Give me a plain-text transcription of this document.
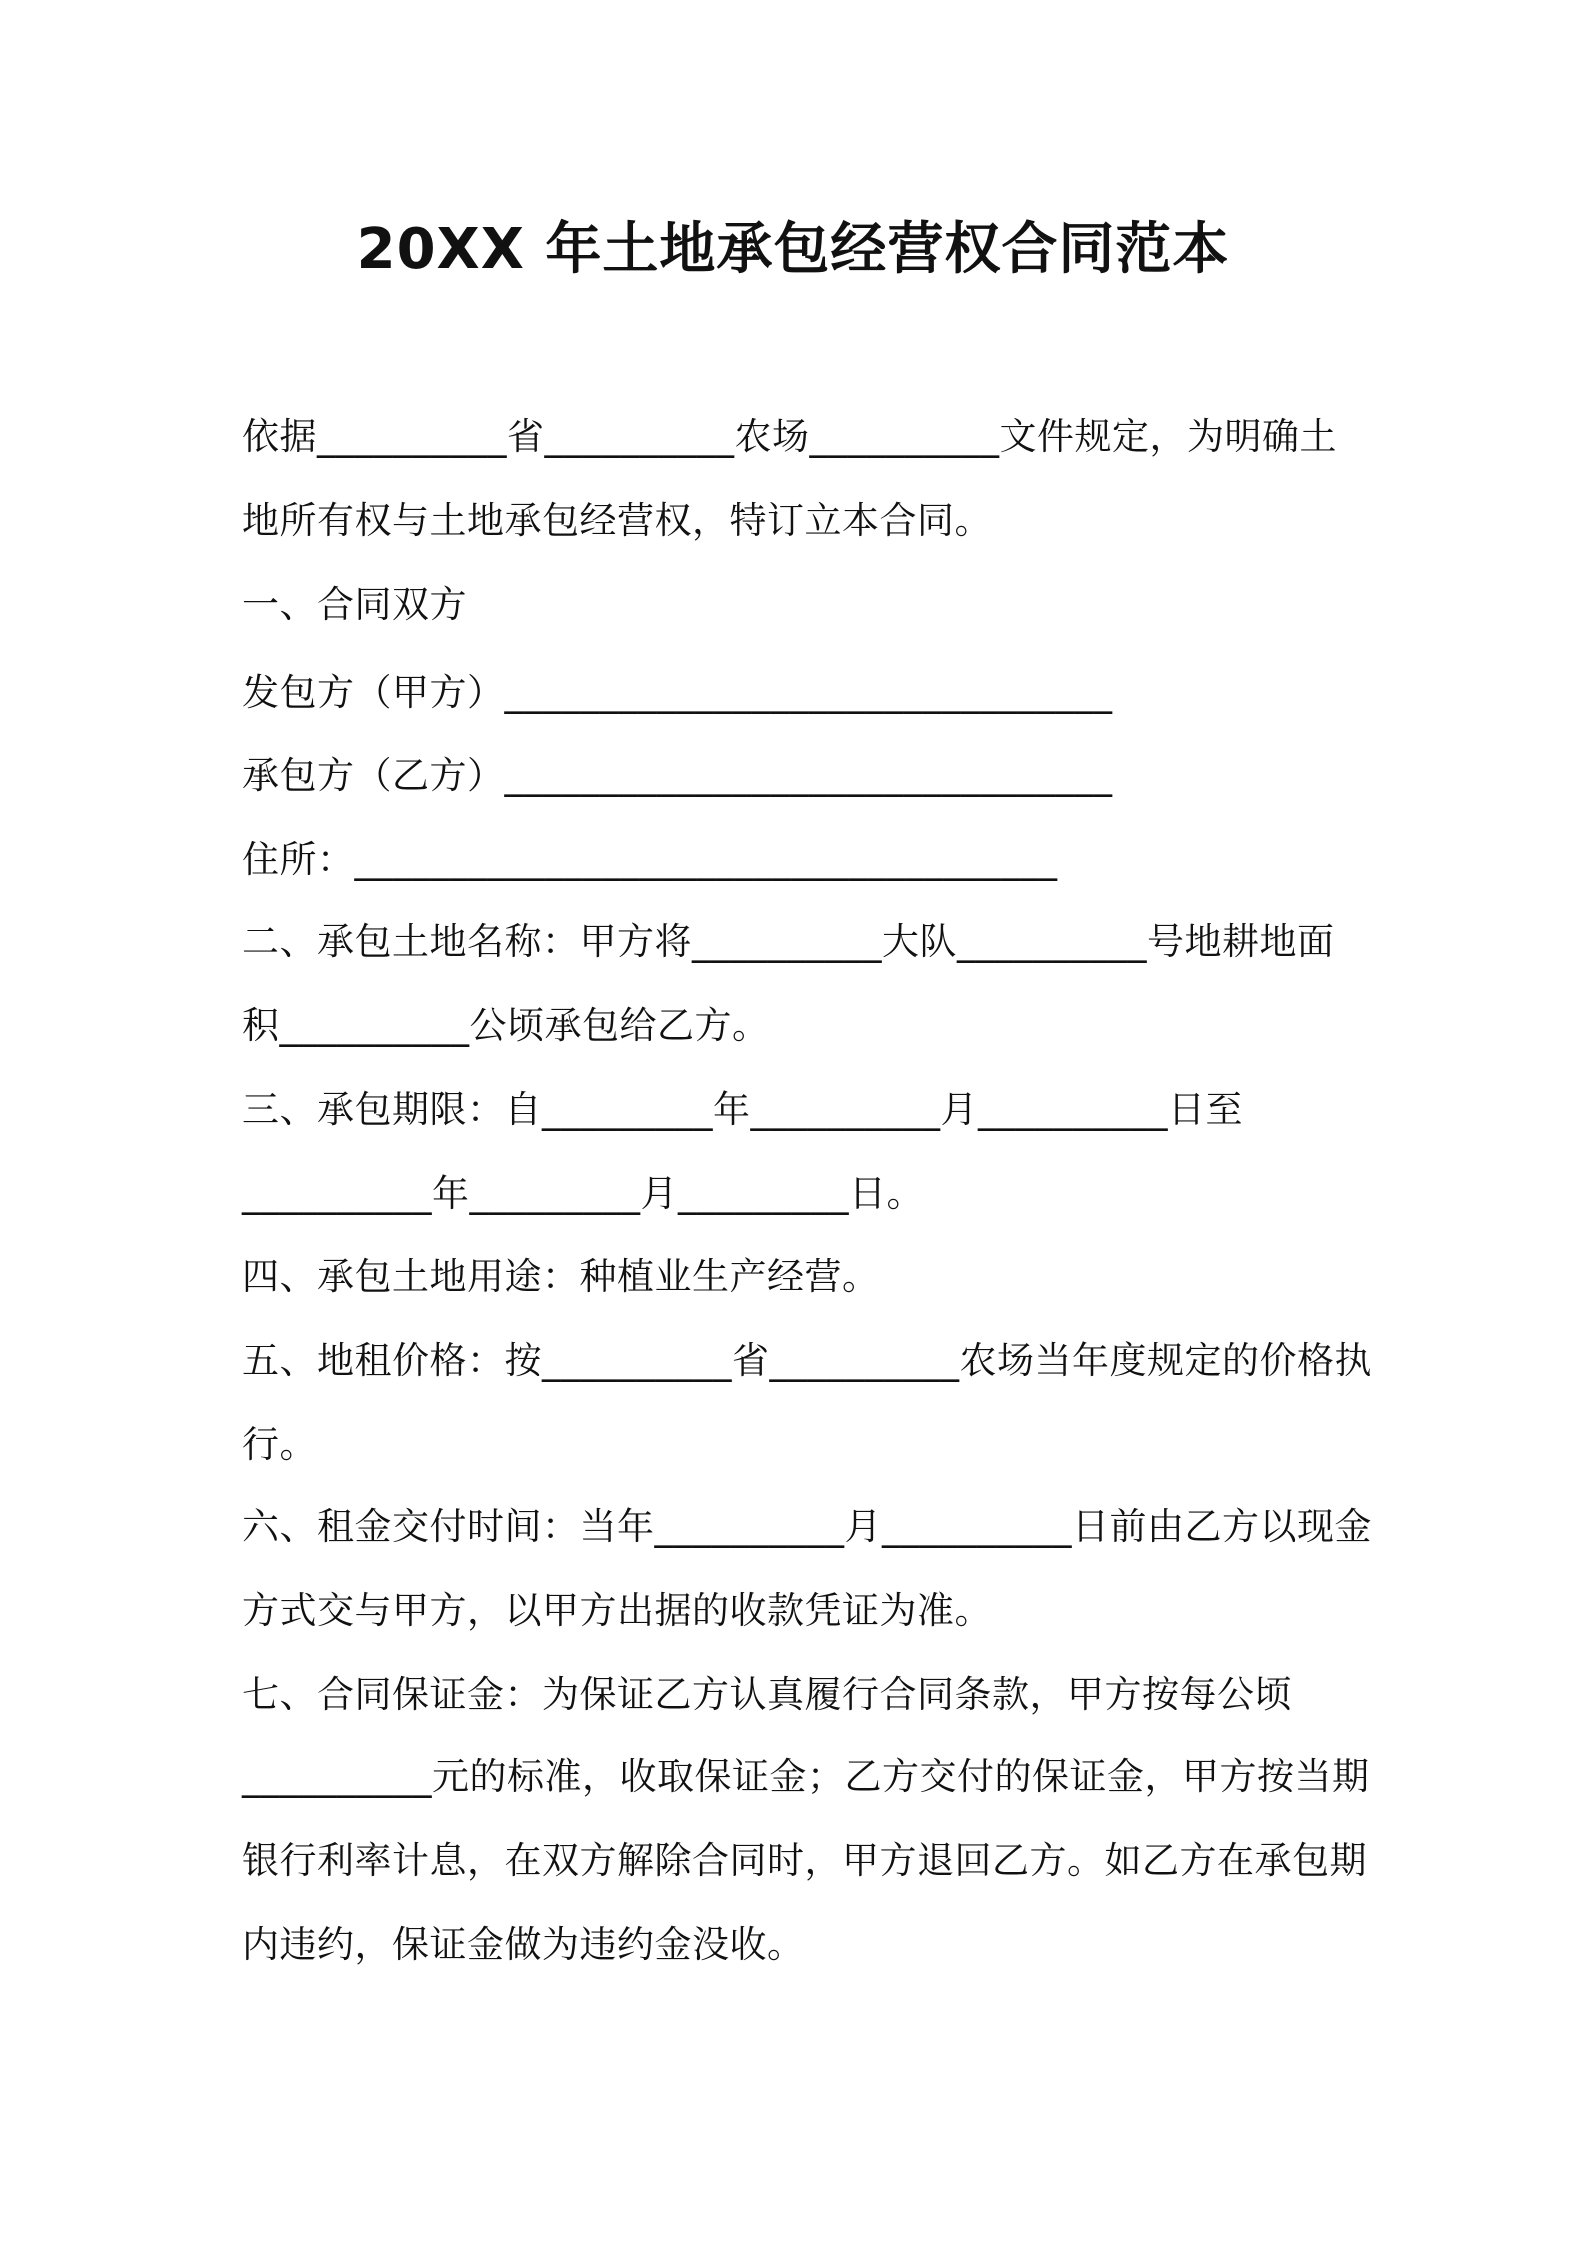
20XX 年土地承包经营权合同范本
依据__________省__________农场__________文件规定，为明确土
地所有权与土地承包经营权，特订立本合同。
一、合同双方
发包方（甲方）________________________________
承包方（乙方）________________________________
住所：_____________________________________
二、承包土地名称：甲方将__________大队__________号地耕地面
积__________公顷承包给乙方。
三、承包期限：自_________年__________月__________日至
__________年_________月_________日。
四、承包土地用途：种植业生产经营。
五、地租价格：按__________省__________农场当年度规定的价格执
行。
六、租金交付时间：当年__________月__________日前由乙方以现金
方式交与甲方，以甲方出据的收款凭证为准。
七、合同保证金：为保证乙方认真履行合同条款，甲方按每公顷
__________元的标准，收取保证金；乙方交付的保证金，甲方按当期
银行利率计息，在双方解除合同时，甲方退回乙方。如乙方在承包期
内违约，保证金做为违约金没收。
